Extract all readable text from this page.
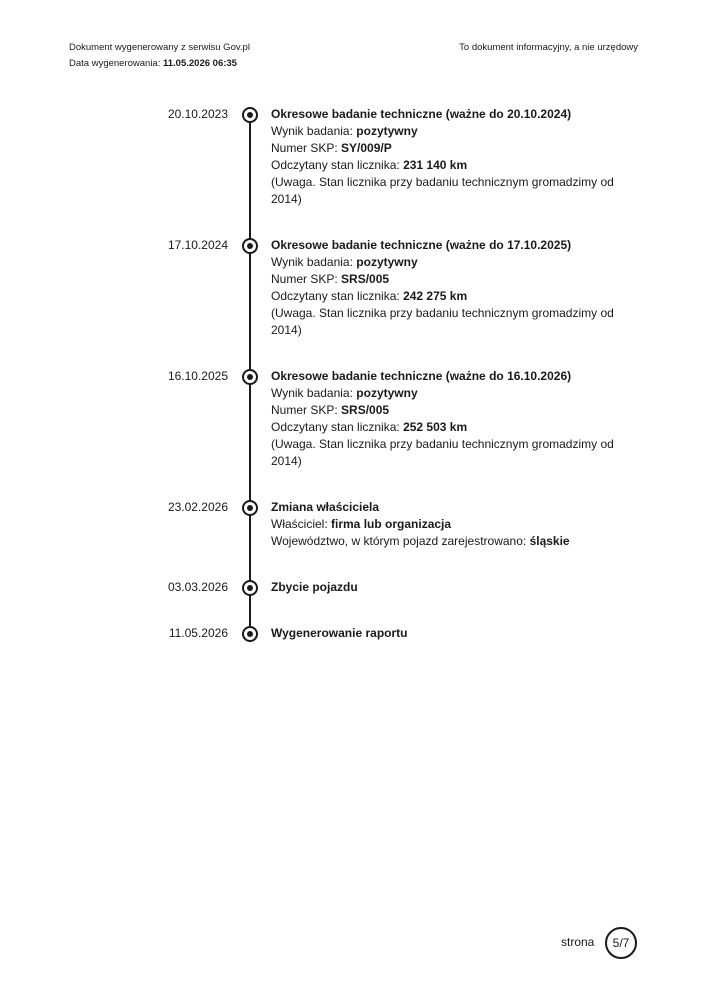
Dokument wygenerowany z serwisu Gov.pl
Data wygenerowania: 11.05.2026 06:35
To dokument informacyjny, a nie urzędowy
20.10.2023	Okresowe badanie techniczne (ważne do 20.10.2024)
Wynik badania: pozytywny
Numer SKP: SY/009/P
Odczytany stan licznika: 231 140 km
(Uwaga. Stan licznika przy badaniu technicznym gromadzimy od 2014)
17.10.2024	Okresowe badanie techniczne (ważne do 17.10.2025)
Wynik badania: pozytywny
Numer SKP: SRS/005
Odczytany stan licznika: 242 275 km
(Uwaga. Stan licznika przy badaniu technicznym gromadzimy od 2014)
16.10.2025	Okresowe badanie techniczne (ważne do 16.10.2026)
Wynik badania: pozytywny
Numer SKP: SRS/005
Odczytany stan licznika: 252 503 km
(Uwaga. Stan licznika przy badaniu technicznym gromadzimy od 2014)
23.02.2026	Zmiana właściciela
Właściciel: firma lub organizacja
Województwo, w którym pojazd zarejestrowano: śląskie
03.03.2026	Zbycie pojazdu
11.05.2026	Wygenerowanie raportu
strona	5/7
